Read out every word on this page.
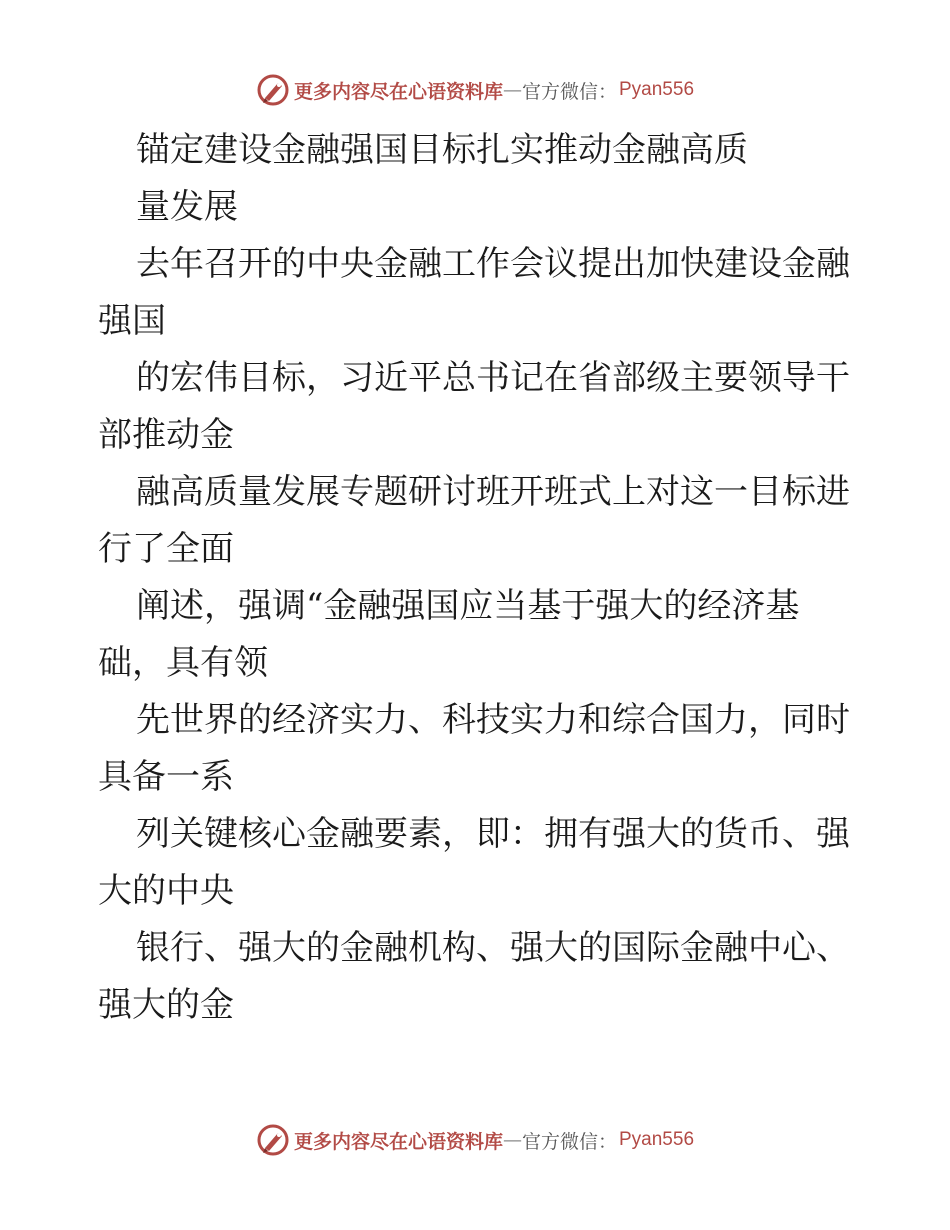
更多内容尽在心语资料库 — 官方微信： Pyan556
锚定建设金融强国目标扎实推动金融高质
量发展
去年召开的中央金融工作会议提出加快建设金融
强国
的宏伟目标，习近平总书记在省部级主要领导干
部推动金
融高质量发展专题研讨班开班式上对这一目标进
行了全面
阐述，强调“金融强国应当基于强大的经济基
础，具有领
先世界的经济实力、科技实力和综合国力，同时
具备一系
列关键核心金融要素，即：拥有强大的货币、强
大的中央
银行、强大的金融机构、强大的国际金融中心、
强大的金
更多内容尽在心语资料库 — 官方微信： Pyan556
